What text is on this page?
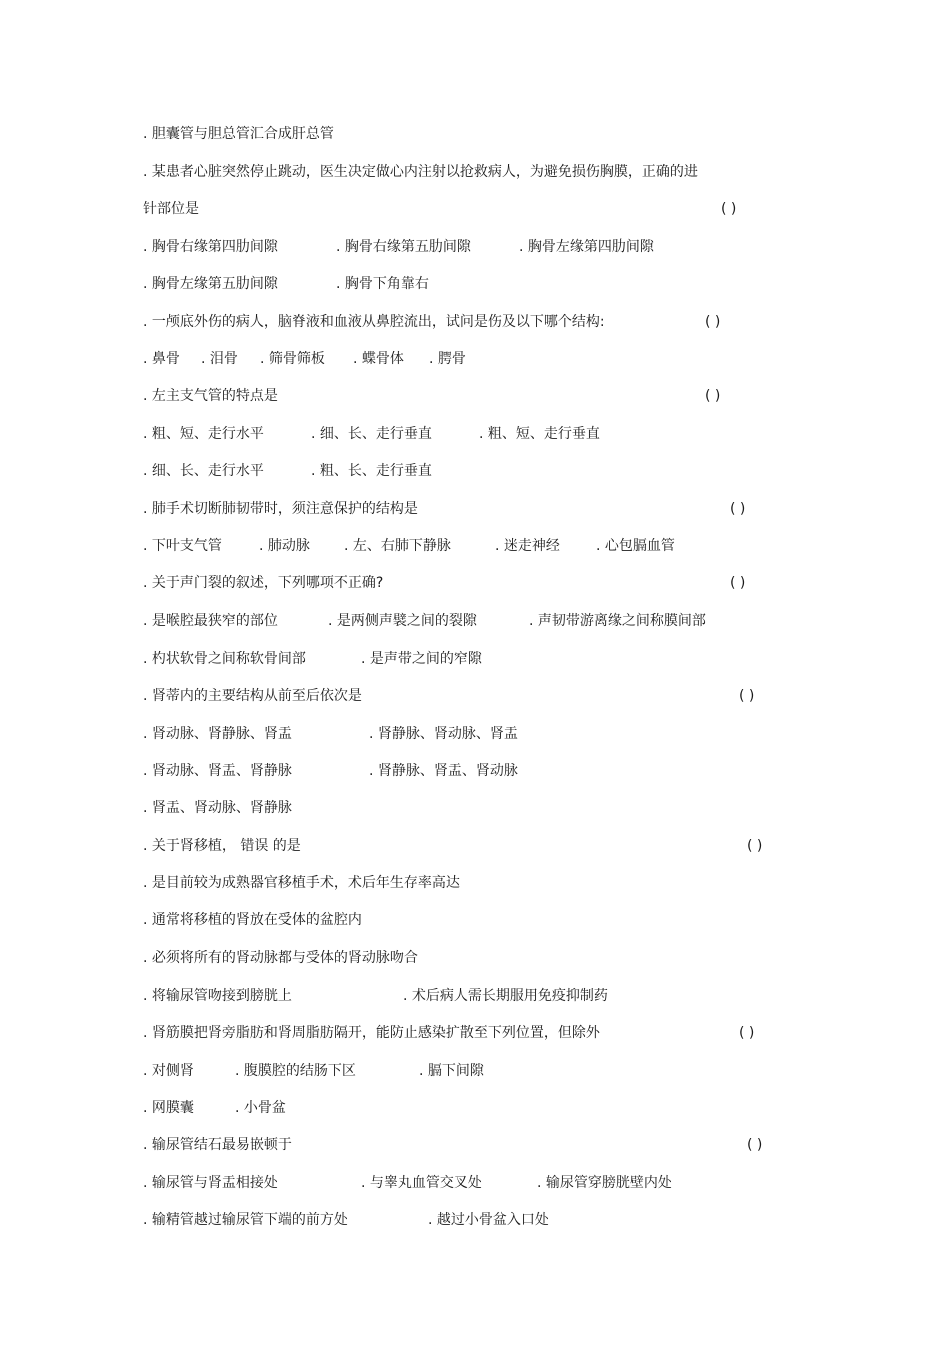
. 胆囊管与胆总管汇合成肝总管
. 某患者心脏突然停止跳动，医生决定做心内注射以抢救病人，为避免损伤胸膜，正确的进
针部位是	( )
. 胸骨右缘第四肋间隙	. 胸骨右缘第五肋间隙	. 胸骨左缘第四肋间隙
. 胸骨左缘第五肋间隙	. 胸骨下角靠右
. 一颅底外伤的病人，脑脊液和血液从鼻腔流出，试问是伤及以下哪个结构:	( )
. 鼻骨 . 泪骨 . 筛骨筛板 . 蝶骨体 . 腭骨
. 左主支气管的特点是	( )
. 粗、短、走行水平	. 细、长、走行垂直	. 粗、短、走行垂直
. 细、长、走行水平	. 粗、长、走行垂直
. 肺手术切断肺韧带时，须注意保护的结构是	( )
. 下叶支气管	. 肺动脉 . 左、右肺下静脉	. 迷走神经	. 心包膈血管
. 关于声门裂的叙述，下列哪项不正确?	( )
. 是喉腔最狭窄的部位	. 是两侧声襞之间的裂隙	. 声韧带游离缘之间称膜间部
. 杓状软骨之间称软骨间部	. 是声带之间的窄隙
. 肾蒂内的主要结构从前至后依次是	( )
. 肾动脉、肾静脉、肾盂	. 肾静脉、肾动脉、肾盂
. 肾动脉、肾盂、肾静脉	. 肾静脉、肾盂、肾动脉
. 肾盂、肾动脉、肾静脉
. 关于肾移植， 错误 的是	( )
. 是目前较为成熟器官移植手术，术后年生存率高达
. 通常将移植的肾放在受体的盆腔内
. 必须将所有的肾动脉都与受体的肾动脉吻合
. 将输尿管吻接到膀胱上	. 术后病人需长期服用免疫抑制药
. 肾筋膜把肾旁脂肪和肾周脂肪隔开，能防止感染扩散至下列位置，但除外	( )
. 对侧肾	. 腹膜腔的结肠下区	. 膈下间隙
. 网膜囊	. 小骨盆
. 输尿管结石最易嵌顿于	( )
. 输尿管与肾盂相接处	. 与睾丸血管交叉处	. 输尿管穿膀胱壁内处
. 输精管越过输尿管下端的前方处	. 越过小骨盆入口处
